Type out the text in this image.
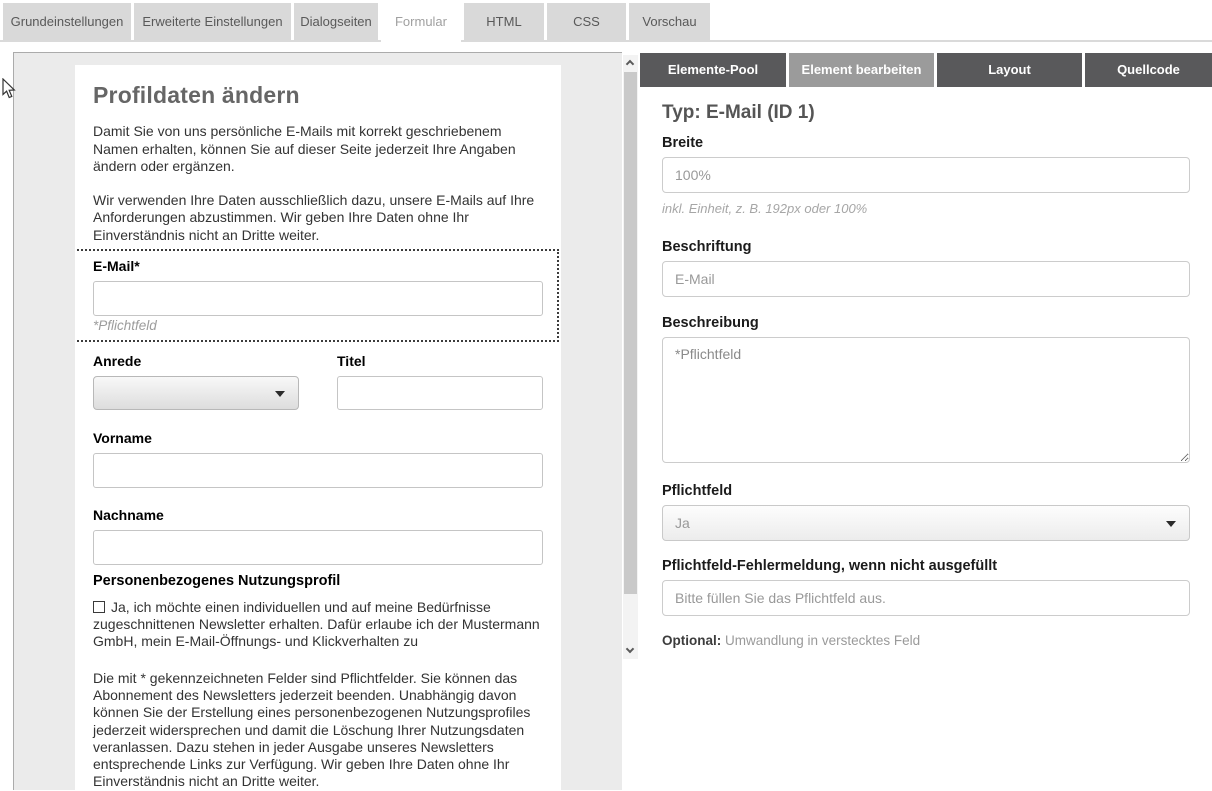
Grundeinstellungen	Erweiterte Einstellungen	Dialogseiten	Formular	HTML	CSS	Vorschau
Profildaten ändern

Damit Sie von uns persönliche E-Mails mit korrekt geschriebenem Namen erhalten, können Sie auf dieser Seite jederzeit Ihre Angaben ändern oder ergänzen.

Wir verwenden Ihre Daten ausschließlich dazu, unsere E-Mails auf Ihre Anforderungen abzustimmen. Wir geben Ihre Daten ohne Ihr Einverständnis nicht an Dritte weiter.

E-Mail*
*Pflichtfeld
Anrede	Titel
Vorname
Nachname
Personenbezogenes Nutzungsprofil
Ja, ich möchte einen individuellen und auf meine Bedürfnisse zugeschnittenen Newsletter erhalten. Dafür erlaube ich der Mustermann GmbH, mein E-Mail-Öffnungs- und Klickverhalten zu

Die mit * gekennzeichneten Felder sind Pflichtfelder. Sie können das Abonnement des Newsletters jederzeit beenden. Unabhängig davon können Sie der Erstellung eines personenbezogenen Nutzungsprofiles jederzeit widersprechen und damit die Löschung Ihrer Nutzungsdaten veranlassen. Dazu stehen in jeder Ausgabe unseres Newsletters entsprechende Links zur Verfügung. Wir geben Ihre Daten ohne Ihr Einverständnis nicht an Dritte weiter.

Elemente-Pool	Element bearbeiten	Layout	Quellcode
Typ: E-Mail (ID 1)
Breite
100%
inkl. Einheit, z. B. 192px oder 100%
Beschriftung
E-Mail
Beschreibung
*Pflichtfeld
Pflichtfeld
Ja
Pflichtfeld-Fehlermeldung, wenn nicht ausgefüllt
Bitte füllen Sie das Pflichtfeld aus.
Optional: Umwandlung in verstecktes Feld
